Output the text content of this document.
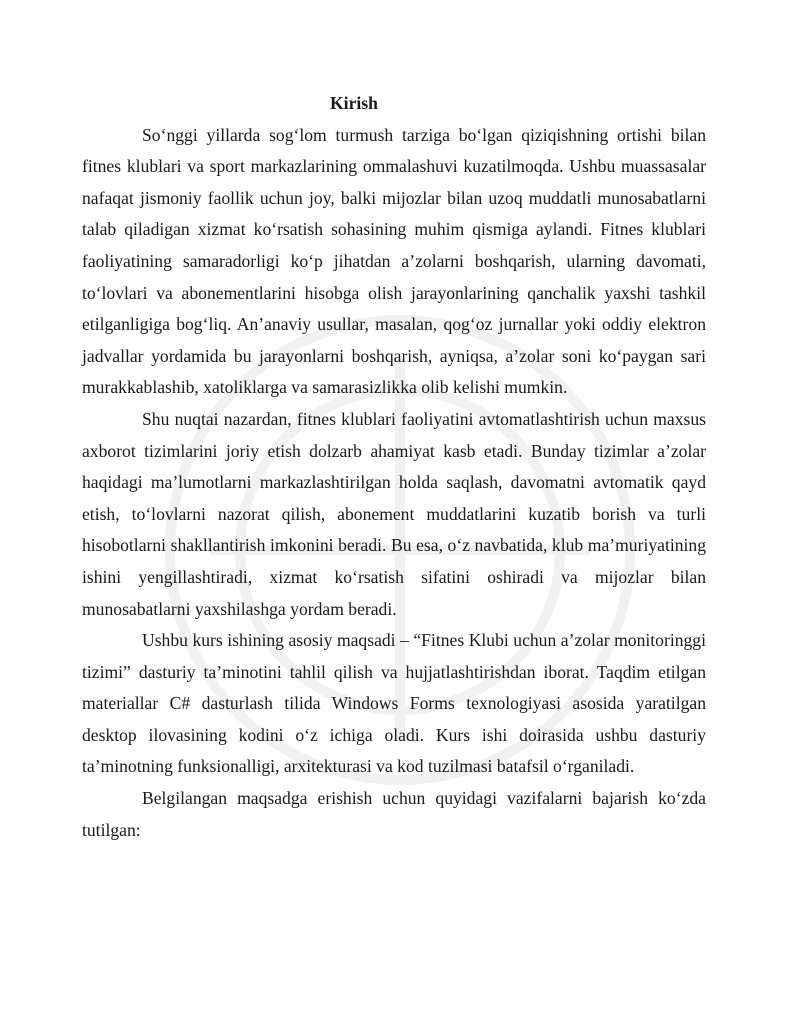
Kirish

So‘nggi yillarda sog‘lom turmush tarziga bo‘lgan qiziqishning ortishi bilan fitnes klublari va sport markazlarining ommalashuvi kuzatilmoqda. Ushbu muassasalar nafaqat jismoniy faollik uchun joy, balki mijozlar bilan uzoq muddatli munosabatlarni talab qiladigan xizmat ko‘rsatish sohasining muhim qismiga aylandi. Fitnes klublari faoliyatining samaradorligi ko‘p jihatdan a’zolarni boshqarish, ularning davomati, to‘lovlari va abonementlarini hisobga olish jarayonlarining qanchalik yaxshi tashkil etilganligiga bog‘liq. An’anaviy usullar, masalan, qog‘oz jurnallar yoki oddiy elektron jadvallar yordamida bu jarayonlarni boshqarish, ayniqsa, a’zolar soni ko‘paygan sari murakkablashib, xatoliklarga va samarasizlikka olib kelishi mumkin.

Shu nuqtai nazardan, fitnes klublari faoliyatini avtomatlashtirish uchun maxsus axborot tizimlarini joriy etish dolzarb ahamiyat kasb etadi. Bunday tizimlar a’zolar haqidagi ma’lumotlarni markazlashtirilgan holda saqlash, davomatni avtomatik qayd etish, to‘lovlarni nazorat qilish, abonement muddatlarini kuzatib borish va turli hisobotlarni shakllantirish imkonini beradi. Bu esa, o‘z navbatida, klub ma’muriyatining ishini yengillashtiradi, xizmat ko‘rsatish sifatini oshiradi va mijozlar bilan munosabatlarni yaxshilashga yordam beradi.

Ushbu kurs ishining asosiy maqsadi – “Fitnes Klubi uchun a’zolar monitoringgi tizimi” dasturiy ta’minotini tahlil qilish va hujjatlashtirishdan iborat. Taqdim etilgan materiallar C# dasturlash tilida Windows Forms texnologiyasi asosida yaratilgan desktop ilovasining kodini o‘z ichiga oladi. Kurs ishi doirasida ushbu dasturiy ta’minotning funksionalligi, arxitekturasi va kod tuzilmasi batafsil o‘rganiladi.

Belgilangan maqsadga erishish uchun quyidagi vazifalarni bajarish ko‘zda tutilgan:
